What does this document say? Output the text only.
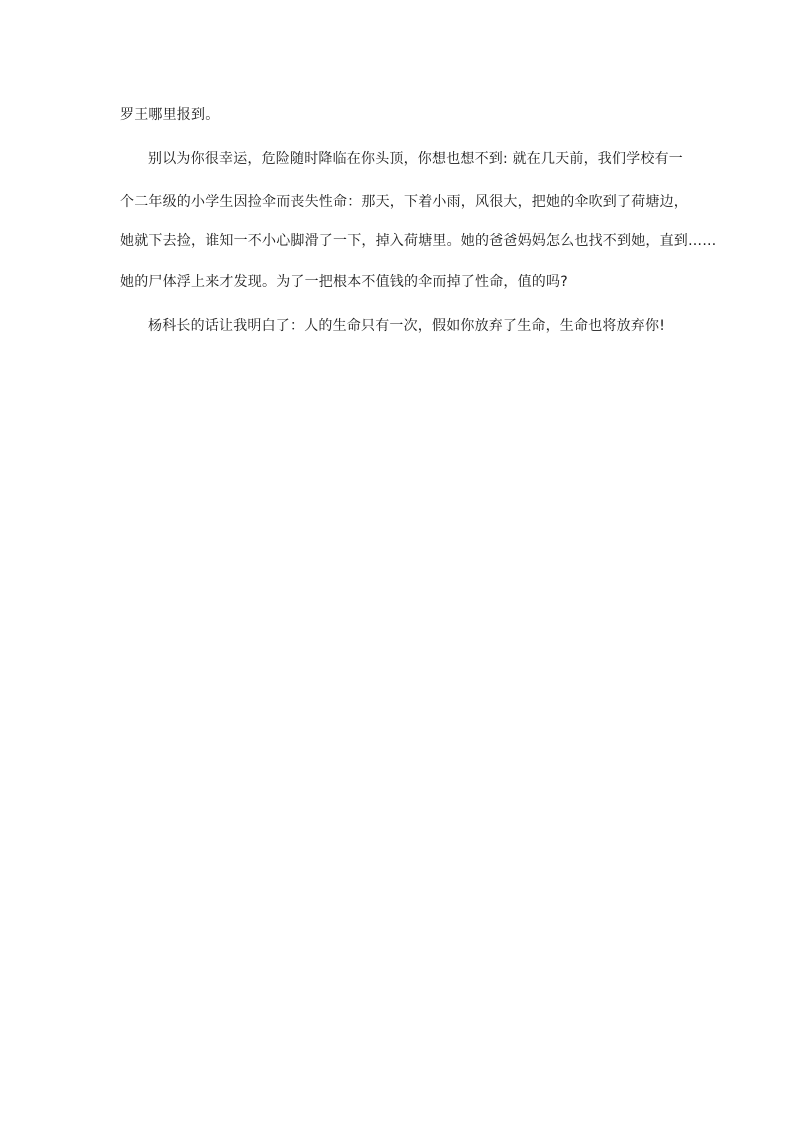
罗王哪里报到。
别以为你很幸运，危险随时降临在你头顶，你想也想不到: 就在几天前，我们学校有一
个二年级的小学生因捡伞而丧失性命：那天，下着小雨，风很大，把她的伞吹到了荷塘边，
她就下去捡，谁知一不小心脚滑了一下，掉入荷塘里。她的爸爸妈妈怎么也找不到她，直到……
她的尸体浮上来才发现。为了一把根本不值钱的伞而掉了性命，值的吗?
杨科长的话让我明白了：人的生命只有一次，假如你放弃了生命，生命也将放弃你!
